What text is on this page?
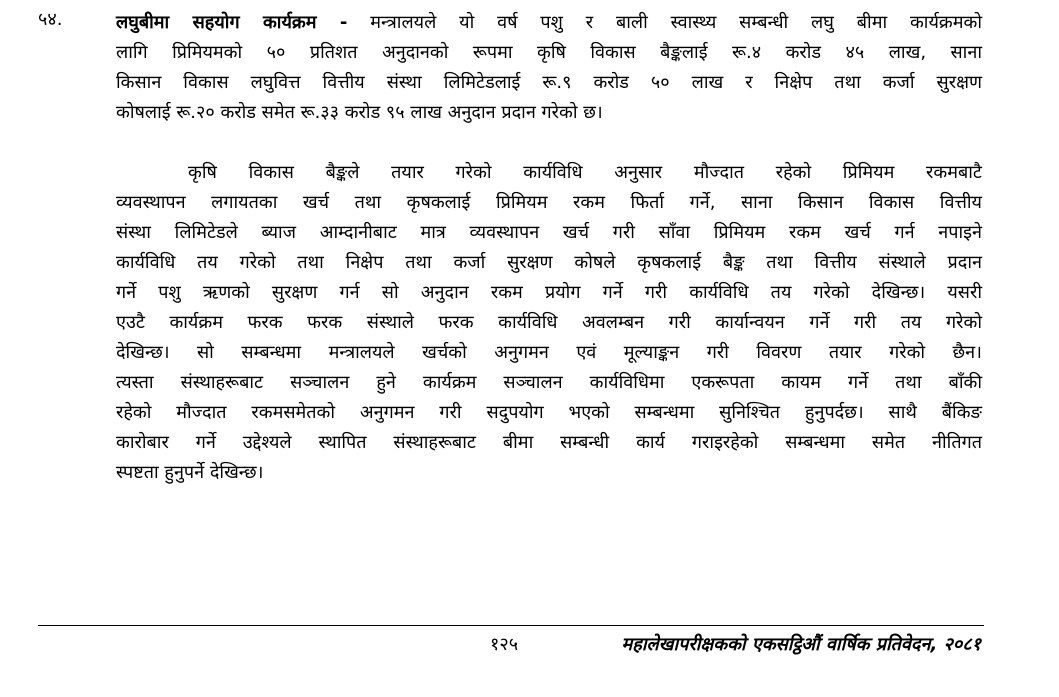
५४.	लघुबीमा सहयोग कार्यक्रम - मन्त्रालयले यो वर्ष पशु र बाली स्वास्थ्य सम्बन्धी लघु बीमा कार्यक्रमको
लागि प्रिमियमको ५० प्रतिशत अनुदानको रूपमा कृषि विकास बैङ्कलाई रू.४ करोड ४५ लाख, साना
किसान विकास लघुवित्त वित्तीय संस्था लिमिटेडलाई रू.९ करोड ५० लाख र निक्षेप तथा कर्जा सुरक्षण
कोषलाई रू.२० करोड समेत रू.३३ करोड ९५ लाख अनुदान प्रदान गरेको छ।
कृषि विकास बैङ्कले तयार गरेको कार्यविधि अनुसार मौज्दात रहेको प्रिमियम रकमबाटै
व्यवस्थापन लगायतका खर्च तथा कृषकलाई प्रिमियम रकम फिर्ता गर्ने, साना किसान विकास वित्तीय
संस्था लिमिटेडले ब्याज आम्दानीबाट मात्र व्यवस्थापन खर्च गरी साँवा प्रिमियम रकम खर्च गर्न नपाइने
कार्यविधि तय गरेको तथा निक्षेप तथा कर्जा सुरक्षण कोषले कृषकलाई बैङ्क तथा वित्तीय संस्थाले प्रदान
गर्ने पशु ऋणको सुरक्षण गर्न सो अनुदान रकम प्रयोग गर्ने गरी कार्यविधि तय गरेको देखिन्छ। यसरी
एउटै कार्यक्रम फरक फरक संस्थाले फरक कार्यविधि अवलम्बन गरी कार्यान्वयन गर्ने गरी तय गरेको
देखिन्छ। सो सम्बन्धमा मन्त्रालयले खर्चको अनुगमन एवं मूल्याङ्कन गरी विवरण तयार गरेको छैन।
त्यस्ता संस्थाहरूबाट सञ्चालन हुने कार्यक्रम सञ्चालन कार्यविधिमा एकरूपता कायम गर्ने तथा बाँकी
रहेको मौज्दात रकमसमेतको अनुगमन गरी सदुपयोग भएको सम्बन्धमा सुनिश्चित हुनुपर्दछ। साथै बैंकिङ
कारोबार गर्ने उद्देश्यले स्थापित संस्थाहरूबाट बीमा सम्बन्धी कार्य गराइरहेको सम्बन्धमा समेत नीतिगत
स्पष्टता हुनुपर्ने देखिन्छ।
१२५	महालेखापरीक्षकको एकसट्ठिऔं वार्षिक प्रतिवेदन, २०८१
